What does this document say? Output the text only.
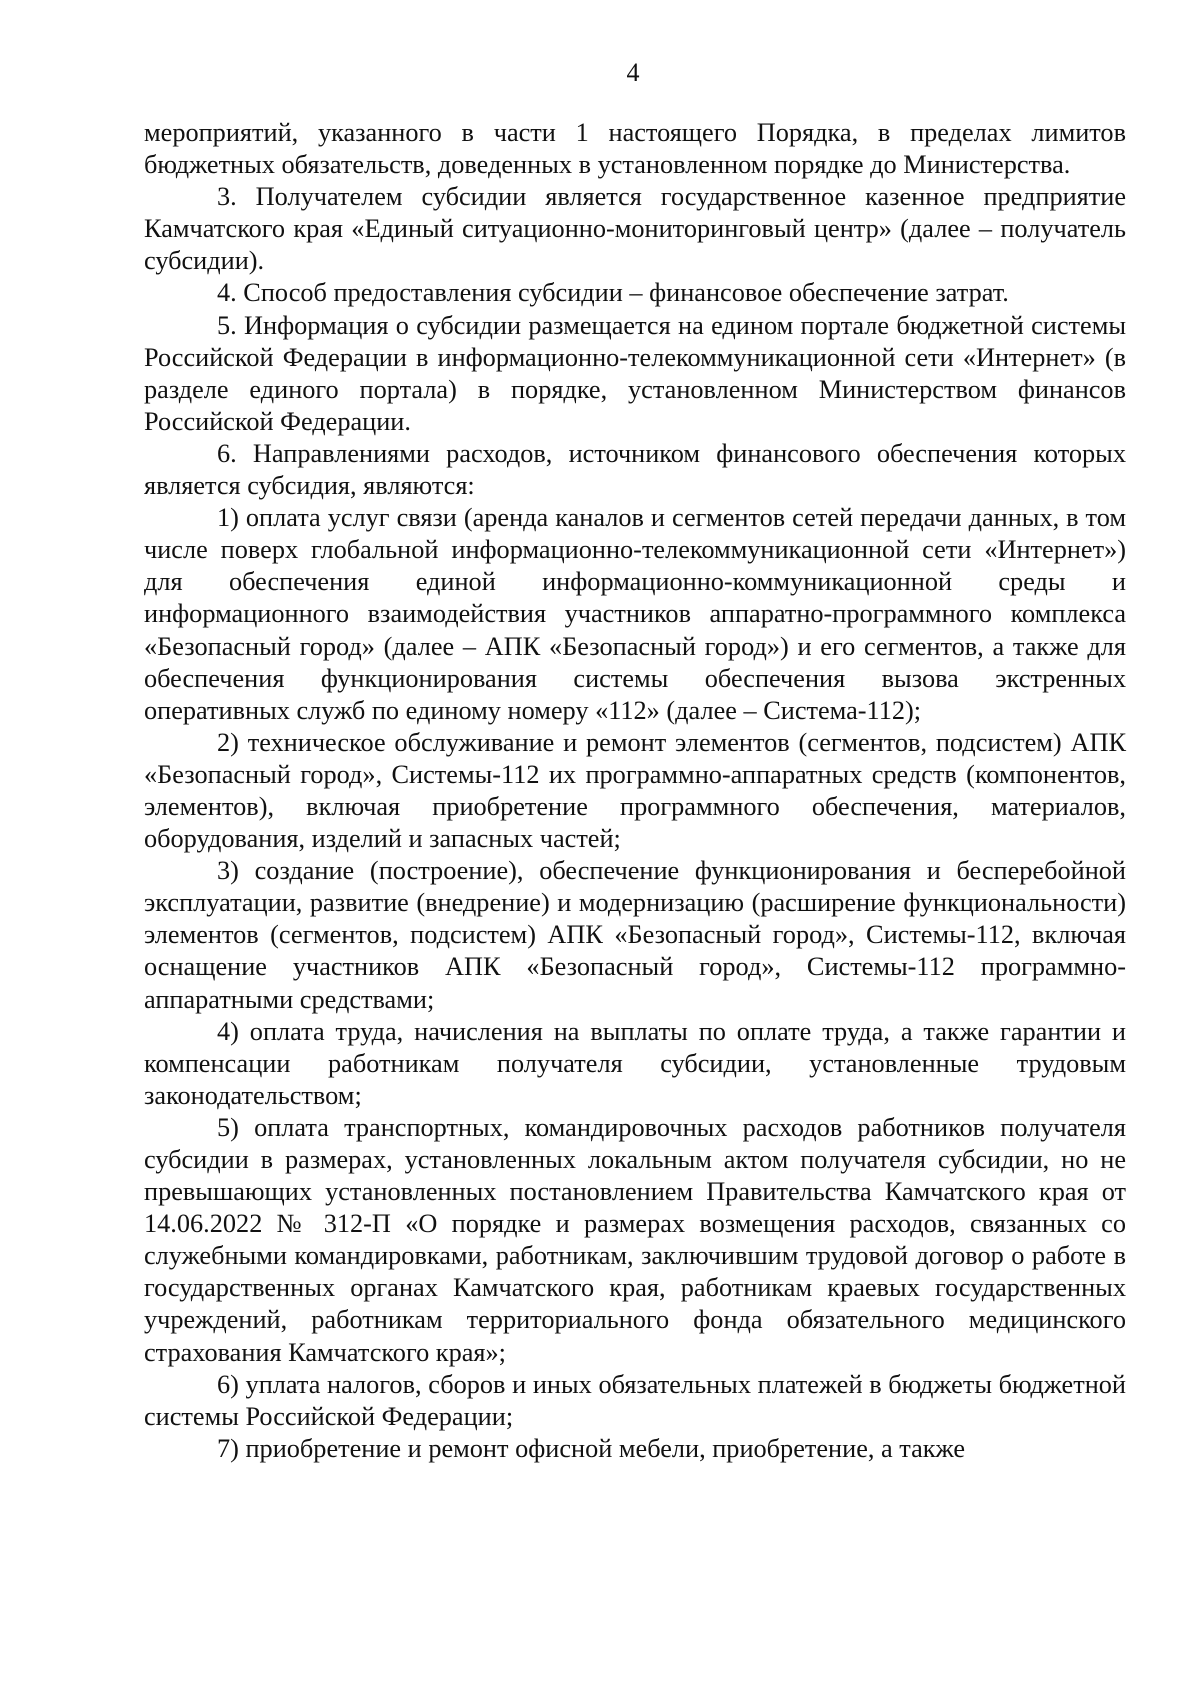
4

мероприятий, указанного в части 1 настоящего Порядка, в пределах лимитов бюджетных обязательств, доведенных в установленном порядке до Министерства.

3. Получателем субсидии является государственное казенное предприятие Камчатского края «Единый ситуационно-мониторинговый центр» (далее – получатель субсидии).

4. Способ предоставления субсидии – финансовое обеспечение затрат.

5. Информация о субсидии размещается на едином портале бюджетной системы Российской Федерации в информационно-телекоммуникационной сети «Интернет» (в разделе единого портала) в порядке, установленном Министерством финансов Российской Федерации.

6. Направлениями расходов, источником финансового обеспечения которых является субсидия, являются:

1) оплата услуг связи (аренда каналов и сегментов сетей передачи данных, в том числе поверх глобальной информационно-телекоммуникационной сети «Интернет») для обеспечения единой информационно-коммуникационной среды и информационного взаимодействия участников аппаратно-программного комплекса «Безопасный город» (далее – АПК «Безопасный город») и его сегментов, а также для обеспечения функционирования системы обеспечения вызова экстренных оперативных служб по единому номеру «112» (далее – Система-112);

2) техническое обслуживание и ремонт элементов (сегментов, подсистем) АПК «Безопасный город», Системы-112 их программно-аппаратных средств (компонентов, элементов), включая приобретение программного обеспечения, материалов, оборудования, изделий и запасных частей;

3) создание (построение), обеспечение функционирования и бесперебойной эксплуатации, развитие (внедрение) и модернизацию (расширение функциональности) элементов (сегментов, подсистем) АПК «Безопасный город», Системы-112, включая оснащение участников АПК «Безопасный город», Системы-112 программно-аппаратными средствами;

4) оплата труда, начисления на выплаты по оплате труда, а также гарантии и компенсации работникам получателя субсидии, установленные трудовым законодательством;

5) оплата транспортных, командировочных расходов работников получателя субсидии в размерах, установленных локальным актом получателя субсидии, но не превышающих установленных постановлением Правительства Камчатского края от 14.06.2022 № 312-П «О порядке и размерах возмещения расходов, связанных со служебными командировками, работникам, заключившим трудовой договор о работе в государственных органах Камчатского края, работникам краевых государственных учреждений, работникам территориального фонда обязательного медицинского страхования Камчатского края»;

6) уплата налогов, сборов и иных обязательных платежей в бюджеты бюджетной системы Российской Федерации;

7) приобретение и ремонт офисной мебели, приобретение, а также
